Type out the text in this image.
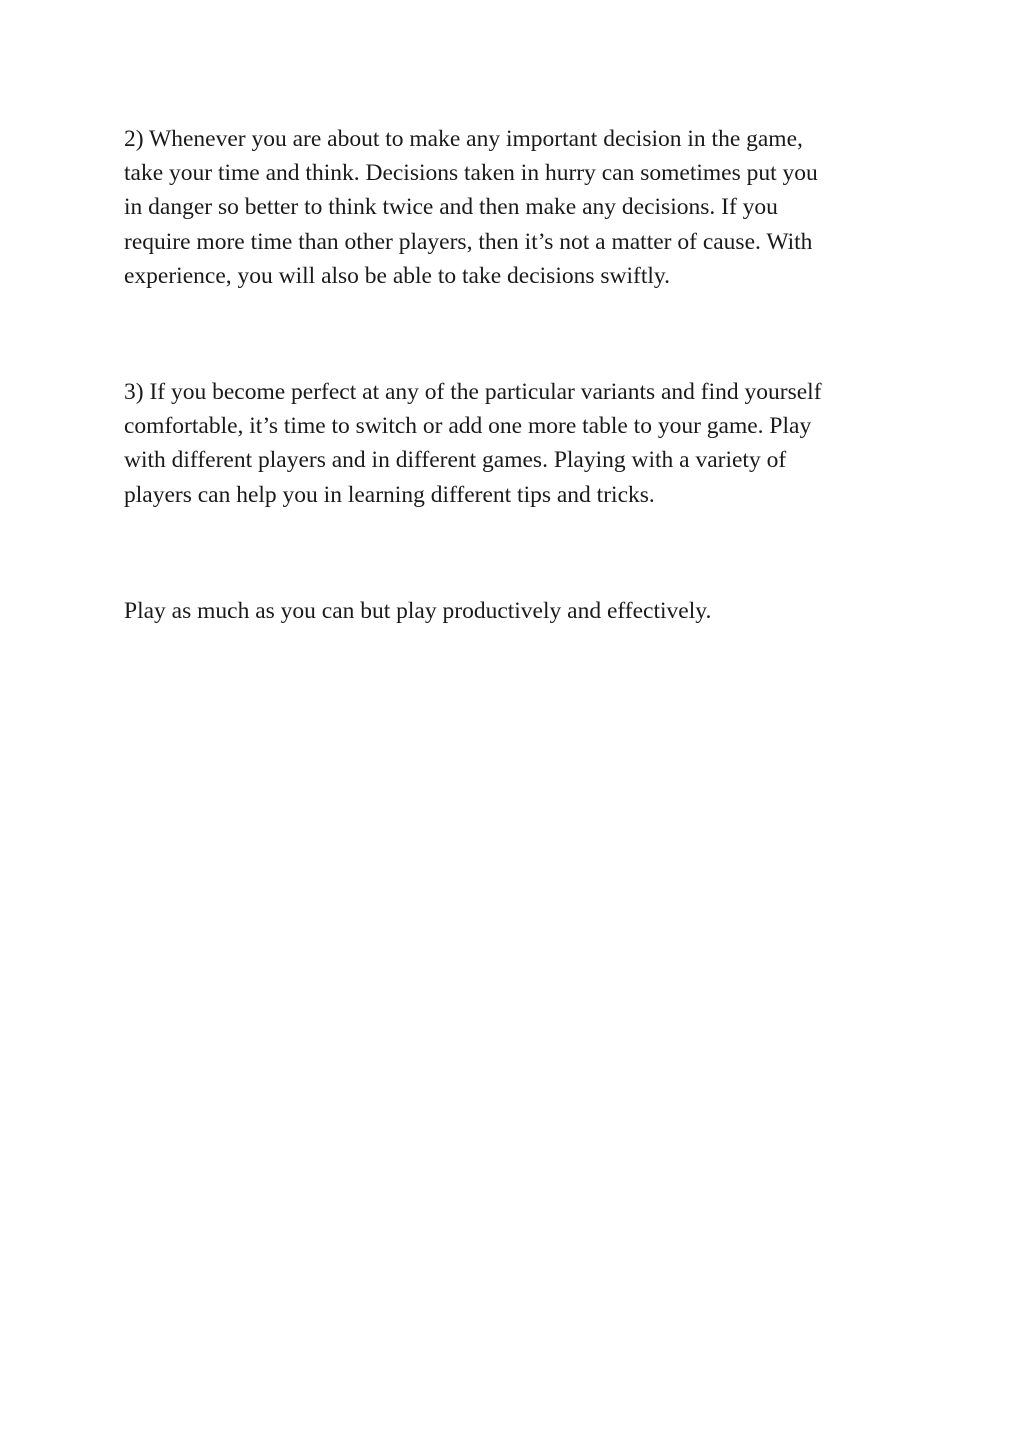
2) Whenever you are about to make any important decision in the game,
take your time and think. Decisions taken in hurry can sometimes put you
in danger so better to think twice and then make any decisions. If you
require more time than other players, then it’s not a matter of cause. With
experience, you will also be able to take decisions swiftly.

3) If you become perfect at any of the particular variants and find yourself
comfortable, it’s time to switch or add one more table to your game. Play
with different players and in different games. Playing with a variety of
players can help you in learning different tips and tricks.

Play as much as you can but play productively and effectively.
